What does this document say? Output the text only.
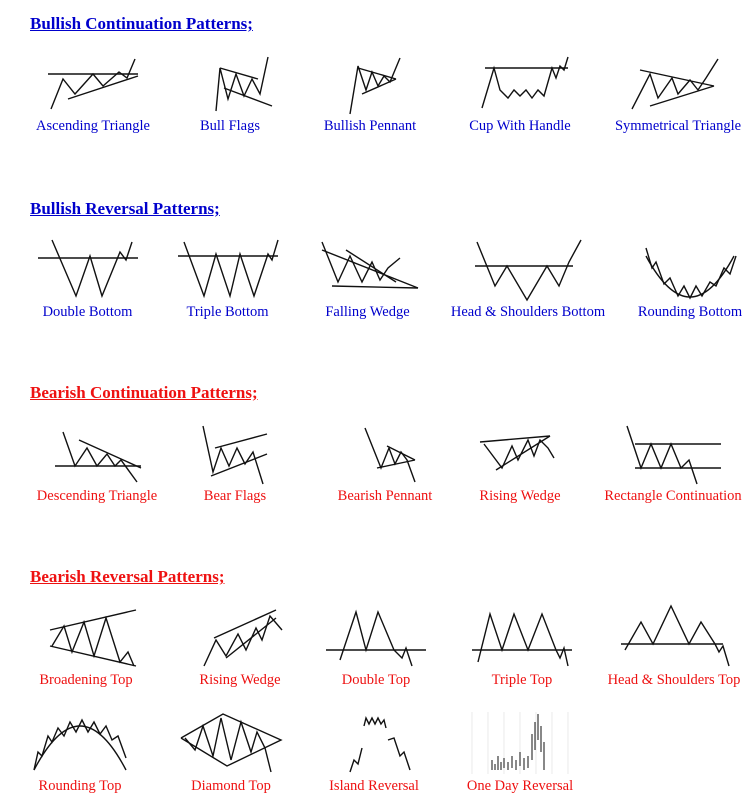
Bullish Continuation Patterns;
Ascending Triangle	Bull Flags	Bullish Pennant	Cup With Handle	Symmetrical Triangle
Bullish Reversal Patterns;
Double Bottom	Triple Bottom	Falling Wedge	Head & Shoulders Bottom	Rounding Bottom
Bearish Continuation Patterns;
Descending Triangle	Bear Flags	Bearish Pennant	Rising Wedge	Rectangle Continuation
Bearish Reversal Patterns;
Broadening Top	Rising Wedge	Double Top	Triple Top	Head & Shoulders Top
Rounding Top	Diamond Top	Island Reversal	One Day Reversal
